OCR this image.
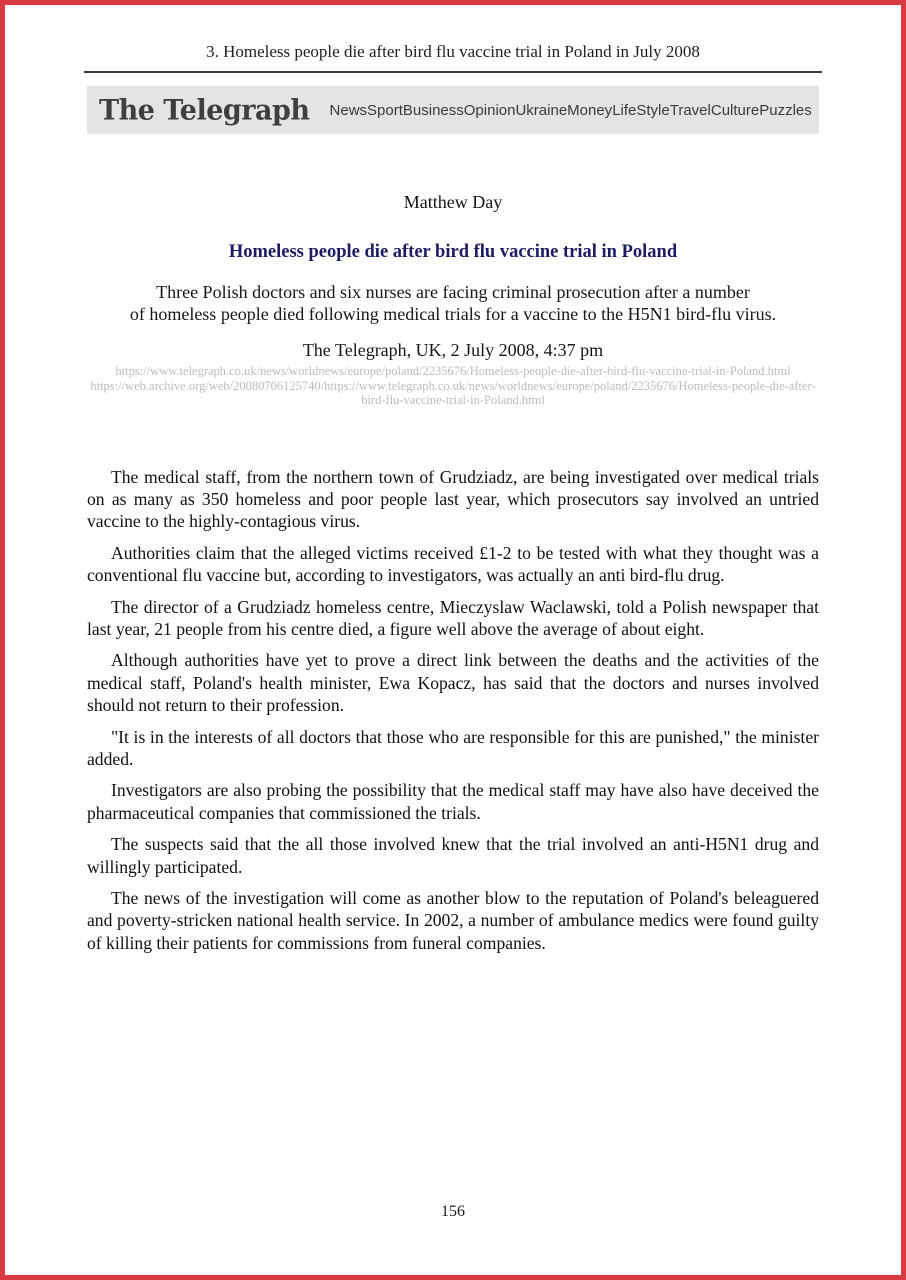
3. Homeless people die after bird flu vaccine trial in Poland in July 2008
The Telegraph News Sport Business Opinion Ukraine Money Life Style Travel Culture Puzzles
Matthew Day
Homeless people die after bird flu vaccine trial in Poland
Three Polish doctors and six nurses are facing criminal prosecution after a number
of homeless people died following medical trials for a vaccine to the H5N1 bird-flu virus.
The Telegraph, UK, 2 July 2008, 4:37 pm
https://www.telegraph.co.uk/news/worldnews/europe/poland/2235676/Homeless-people-die-after-bird-flu-vaccine-trial-in-Poland.html
https://web.archive.org/web/20080706125740/https://www.telegraph.co.uk/news/worldnews/europe/poland/2235676/Homeless-people-die-after-bird-flu-vaccine-trial-in-Poland.html

The medical staff, from the northern town of Grudziadz, are being investigated over medical trials on as many as 350 homeless and poor people last year, which prosecutors say involved an untried vaccine to the highly-contagious virus.

Authorities claim that the alleged victims received £1-2 to be tested with what they thought was a conventional flu vaccine but, according to investigators, was actually an anti bird-flu drug.

The director of a Grudziadz homeless centre, Mieczyslaw Waclawski, told a Polish newspaper that last year, 21 people from his centre died, a figure well above the average of about eight.

Although authorities have yet to prove a direct link between the deaths and the activities of the medical staff, Poland's health minister, Ewa Kopacz, has said that the doctors and nurses involved should not return to their profession.

"It is in the interests of all doctors that those who are responsible for this are punished," the minister added.

Investigators are also probing the possibility that the medical staff may have also have deceived the pharmaceutical companies that commissioned the trials.

The suspects said that the all those involved knew that the trial involved an anti-H5N1 drug and willingly participated.

The news of the investigation will come as another blow to the reputation of Poland's beleaguered and poverty-stricken national health service. In 2002, a number of ambulance medics were found guilty of killing their patients for commissions from funeral companies.

156
